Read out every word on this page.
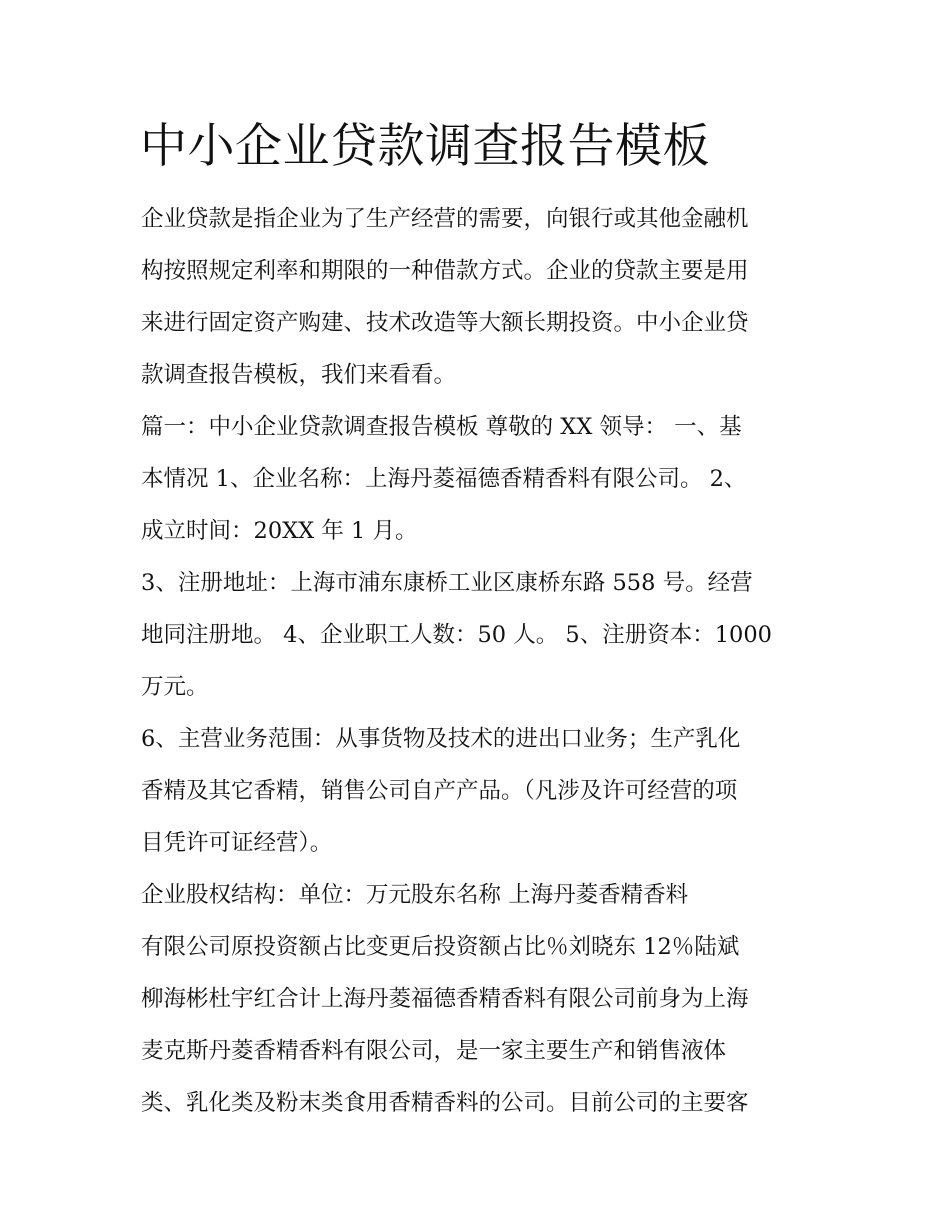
中小企业贷款调查报告模板

企业贷款是指企业为了生产经营的需要，向银行或其他金融机
构按照规定利率和期限的一种借款方式。企业的贷款主要是用
来进行固定资产购建、技术改造等大额长期投资。中小企业贷
款调查报告模板，我们来看看。

篇一：中小企业贷款调查报告模板 尊敬的 XX 领导： 一、基
本情况 1、企业名称：上海丹菱福德香精香料有限公司。 2、
成立时间：20XX 年 1 月。

3、注册地址：上海市浦东康桥工业区康桥东路 558 号。经营
地同注册地。 4、企业职工人数：50 人。 5、注册资本：1000
万元。

6、主营业务范围：从事货物及技术的进出口业务；生产乳化
香精及其它香精，销售公司自产产品。（凡涉及许可经营的项
目凭许可证经营）。

企业股权结构：单位：万元股东名称 上海丹菱香精香料
有限公司原投资额占比变更后投资额占比％刘晓东 12％陆斌
柳海彬杜宇红合计上海丹菱福德香精香料有限公司前身为上海
麦克斯丹菱香精香料有限公司，是一家主要生产和销售液体
类、乳化类及粉末类食用香精香料的公司。目前公司的主要客
